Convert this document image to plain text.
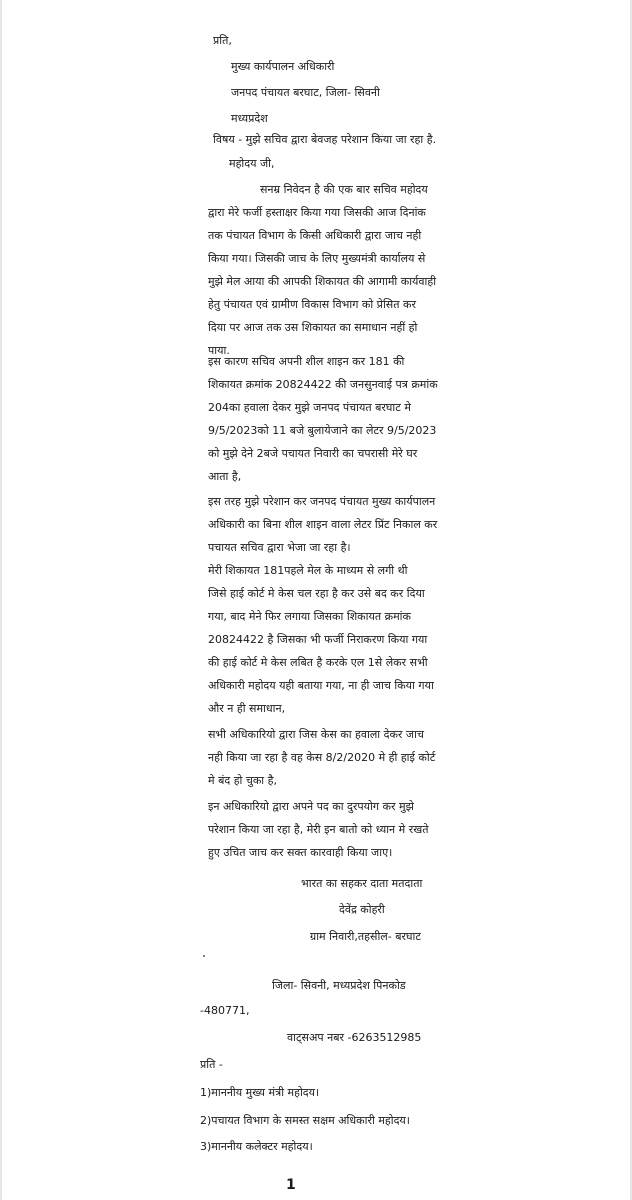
प्रति,
मुख्य कार्यपालन अधिकारी
जनपद पंचायत बरघाट, जिला- सिवनी
मध्यप्रदेश
विषय - मुझे सचिव द्वारा बेवजह परेशान किया जा रहा है.
महोदय जी,
सनम्र निवेदन है की एक बार सचिव महोदय
द्वारा मेरे फर्जी हस्ताक्षर किया गया जिसकी आज दिनांक
तक पंचायत विभाग के किसी अधिकारी द्वारा जाच नही
किया गया। जिसकी जाच के लिए मुख्यमंत्री कार्यालय से
मुझे मेल आया की आपकी शिकायत की आगामी कार्यवाही
हेतु पंचायत एवं ग्रामीण विकास विभाग को प्रेसित कर
दिया पर आज तक उस शिकायत का समाधान नहीं हो
पाया.
इस कारण सचिव अपनी शील शाइन कर 181 की
शिकायत क्रमांक 20824422 की जनसुनवाई पत्र क्रमांक
204का हवाला देकर मुझे जनपद पंचायत बरघाट मे
9/5/2023को 11 बजे बुलायेजाने का लेटर 9/5/2023
को मुझे देने 2बजे पचायत निवारी का चपरासी मेरे घर
आता है,
इस तरह मुझे परेशान कर जनपद पंचायत मुख्य कार्यपालन
अधिकारी का बिना शील शाइन वाला लेटर प्रिंट निकाल कर
पचायत सचिव द्वारा भेजा जा रहा है।
मेरी शिकायत 181पहले मेल के माध्यम से लगी थी
जिसे हाई कोर्ट मे केस चल रहा है कर उसे बद कर दिया
गया, बाद मेने फिर लगाया जिसका शिकायत क्रमांक
20824422 है जिसका भी फर्जी निराकरण किया गया
की हाई कोर्ट मे केस लबित है करके एल 1से लेकर सभी
अधिकारी महोदय यही बताया गया, ना ही जाच किया गया
और न ही समाधान,
सभी अधिकारियो द्वारा जिस केस का हवाला देकर जाच
नही किया जा रहा है वह केस 8/2/2020 मे ही हाई कोर्ट
मे बंद हो चुका है,
इन अधिकारियो द्वारा अपने पद का दुरपयोग कर मुझे
परेशान किया जा रहा है, मेरी इन बातो को ध्यान मे रखते
हुए उचित जाच कर सक्त कारवाही किया जाए।
भारत का सहकर दाता मतदाता
देवेंद्र कोहरी
ग्राम निवारी,तहसील- बरघाट
जिला- सिवनी, मध्यप्रदेश पिनकोड
-480771,
वाट्सअप नबर -6263512985
प्रति -
1)माननीय मुख्य मंत्री महोदय।
2)पचायत विभाग के समस्त सक्षम अधिकारी महोदय।
3)माननीय कलेक्टर महोदय।
1
